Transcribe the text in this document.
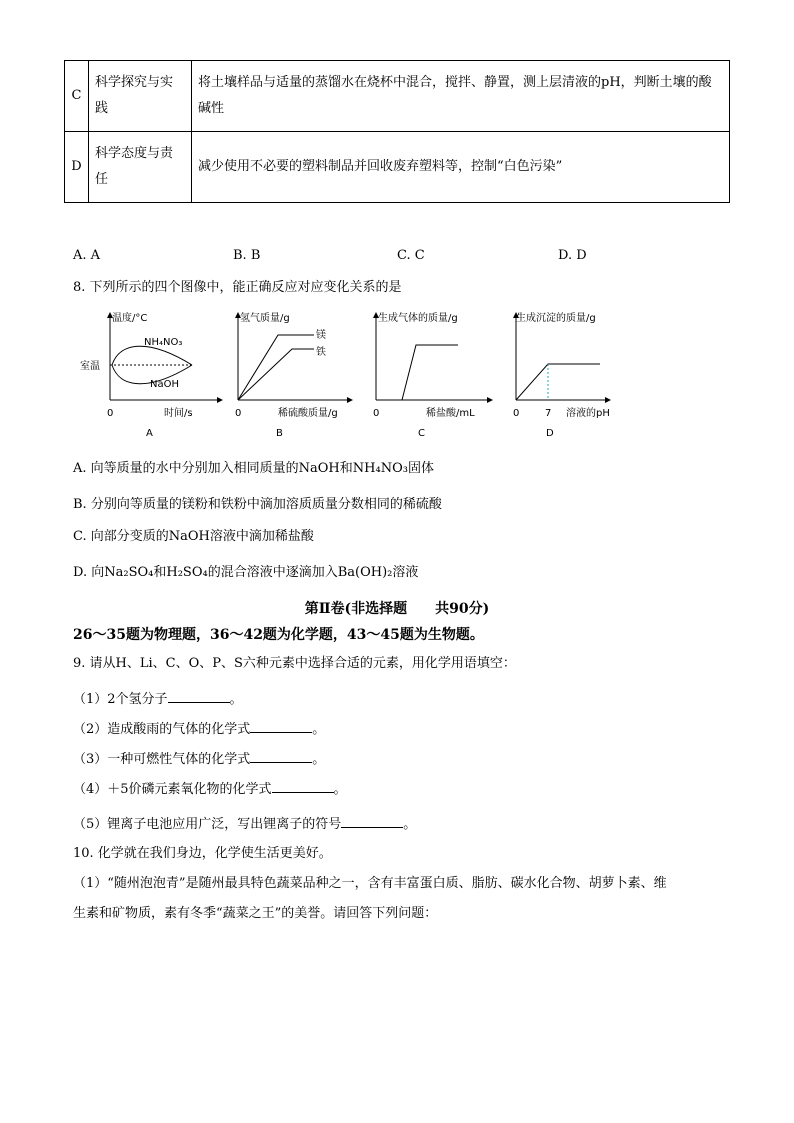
C	科学探究与实践	将土壤样品与适量的蒸馏水在烧杯中混合，搅拌、静置，测上层清液的pH，判断土壤的酸碱性
D	科学态度与责任	减少使用不必要的塑料制品并回收废弃塑料等，控制“白色污染”
A. A	B. B	C. C	D. D
8. 下列所示的四个图像中，能正确反应对应变化关系的是
温度/°C
室温
NH₄NO₃
NaOH
0	时间/s
A
氢气质量/g
镁
铁
0	稀硫酸质量/g
B
生成气体的质量/g
0	稀盐酸/mL
C
生成沉淀的质量/g
0	7 溶液的pH
D
A. 向等质量的水中分别加入相同质量的NaOH和NH₄NO₃固体
B. 分别向等质量的镁粉和铁粉中滴加溶质质量分数相同的稀硫酸
C. 向部分变质的NaOH溶液中滴加稀盐酸
D. 向Na₂SO₄和H₂SO₄的混合溶液中逐滴加入Ba(OH)₂溶液
第Ⅱ卷(非选择题　　共90分)
26～35题为物理题，36～42题为化学题，43～45题为生物题。
9. 请从H、Li、C、O、P、S六种元素中选择合适的元素，用化学用语填空：
（1）2个氢分子	。
（2）造成酸雨的气体的化学式	。
（3）一种可燃性气体的化学式	。
（4）＋5价磷元素氧化物的化学式	。
（5）锂离子电池应用广泛，写出锂离子的符号	。
10. 化学就在我们身边，化学使生活更美好。
（1）“随州泡泡青”是随州最具特色蔬菜品种之一，含有丰富蛋白质、脂肪、碳水化合物、胡萝卜素、维
生素和矿物质，素有冬季“蔬菜之王”的美誉。请回答下列问题：
